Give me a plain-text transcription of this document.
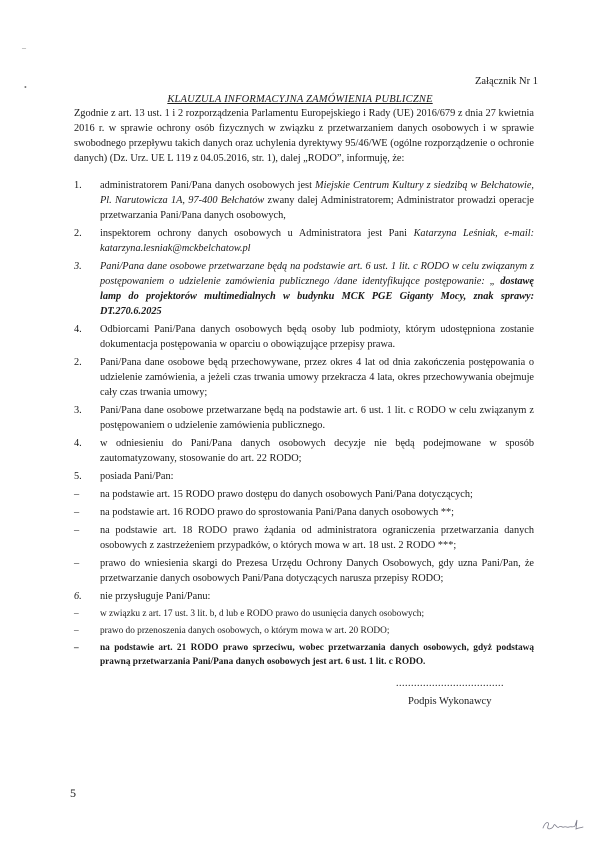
–
•
Załącznik Nr 1
KLAUZULA INFORMACYJNA ZAMÓWIENIA PUBLICZNE
Zgodnie z art. 13 ust. 1 i 2 rozporządzenia Parlamentu Europejskiego i Rady (UE) 2016/679 z dnia 27 kwietnia 2016 r. w sprawie ochrony osób fizycznych w związku z przetwarzaniem danych osobowych i w sprawie swobodnego przepływu takich danych oraz uchylenia dyrektywy 95/46/WE (ogólne rozporządzenie o ochronie danych) (Dz. Urz. UE L 119 z 04.05.2016, str. 1), dalej „RODO”, informuję, że:
1. administratorem Pani/Pana danych osobowych jest Miejskie Centrum Kultury z siedzibą w Bełchatowie, Pl. Narutowicza 1A, 97-400 Bełchatów zwany dalej Administratorem; Administrator prowadzi operacje przetwarzania Pani/Pana danych osobowych,
2. inspektorem ochrony danych osobowych u Administratora jest Pani Katarzyna Leśniak, e-mail: katarzyna.lesniak@mckbelchatow.pl
3. Pani/Pana dane osobowe przetwarzane będą na podstawie art. 6 ust. 1 lit. c RODO w celu związanym z postępowaniem o udzielenie zamówienia publicznego /dane identyfikujące postępowanie: „ dostawę lamp do projektorów multimedialnych w budynku MCK PGE Giganty Mocy, znak sprawy: DT.270.6.2025
4. Odbiorcami Pani/Pana danych osobowych będą osoby lub podmioty, którym udostępniona zostanie dokumentacja postępowania w oparciu o obowiązujące przepisy prawa.
2. Pani/Pana dane osobowe będą przechowywane, przez okres 4 lat od dnia zakończenia postępowania o udzielenie zamówienia, a jeżeli czas trwania umowy przekracza 4 lata, okres przechowywania obejmuje cały czas trwania umowy;
3. Pani/Pana dane osobowe przetwarzane będą na podstawie art. 6 ust. 1 lit. c RODO w celu związanym z postępowaniem o udzielenie zamówienia publicznego.
4. w odniesieniu do Pani/Pana danych osobowych decyzje nie będą podejmowane w sposób zautomatyzowany, stosowanie do art. 22 RODO;
5. posiada Pani/Pan:
– na podstawie art. 15 RODO prawo dostępu do danych osobowych Pani/Pana dotyczących;
– na podstawie art. 16 RODO prawo do sprostowania Pani/Pana danych osobowych **;
– na podstawie art. 18 RODO prawo żądania od administratora ograniczenia przetwarzania danych osobowych z zastrzeżeniem przypadków, o których mowa w art. 18 ust. 2 RODO ***;
– prawo do wniesienia skargi do Prezesa Urzędu Ochrony Danych Osobowych, gdy uzna Pani/Pan, że przetwarzanie danych osobowych Pani/Pana dotyczących narusza przepisy RODO;
6. nie przysługuje Pani/Panu:
– w związku z art. 17 ust. 3 lit. b, d lub e RODO prawo do usunięcia danych osobowych;
– prawo do przenoszenia danych osobowych, o którym mowa w art. 20 RODO;
– na podstawie art. 21 RODO prawo sprzeciwu, wobec przetwarzania danych osobowych, gdyż podstawą prawną przetwarzania Pani/Pana danych osobowych jest art. 6 ust. 1 lit. c RODO.
....................................
Podpis Wykonawcy
5
